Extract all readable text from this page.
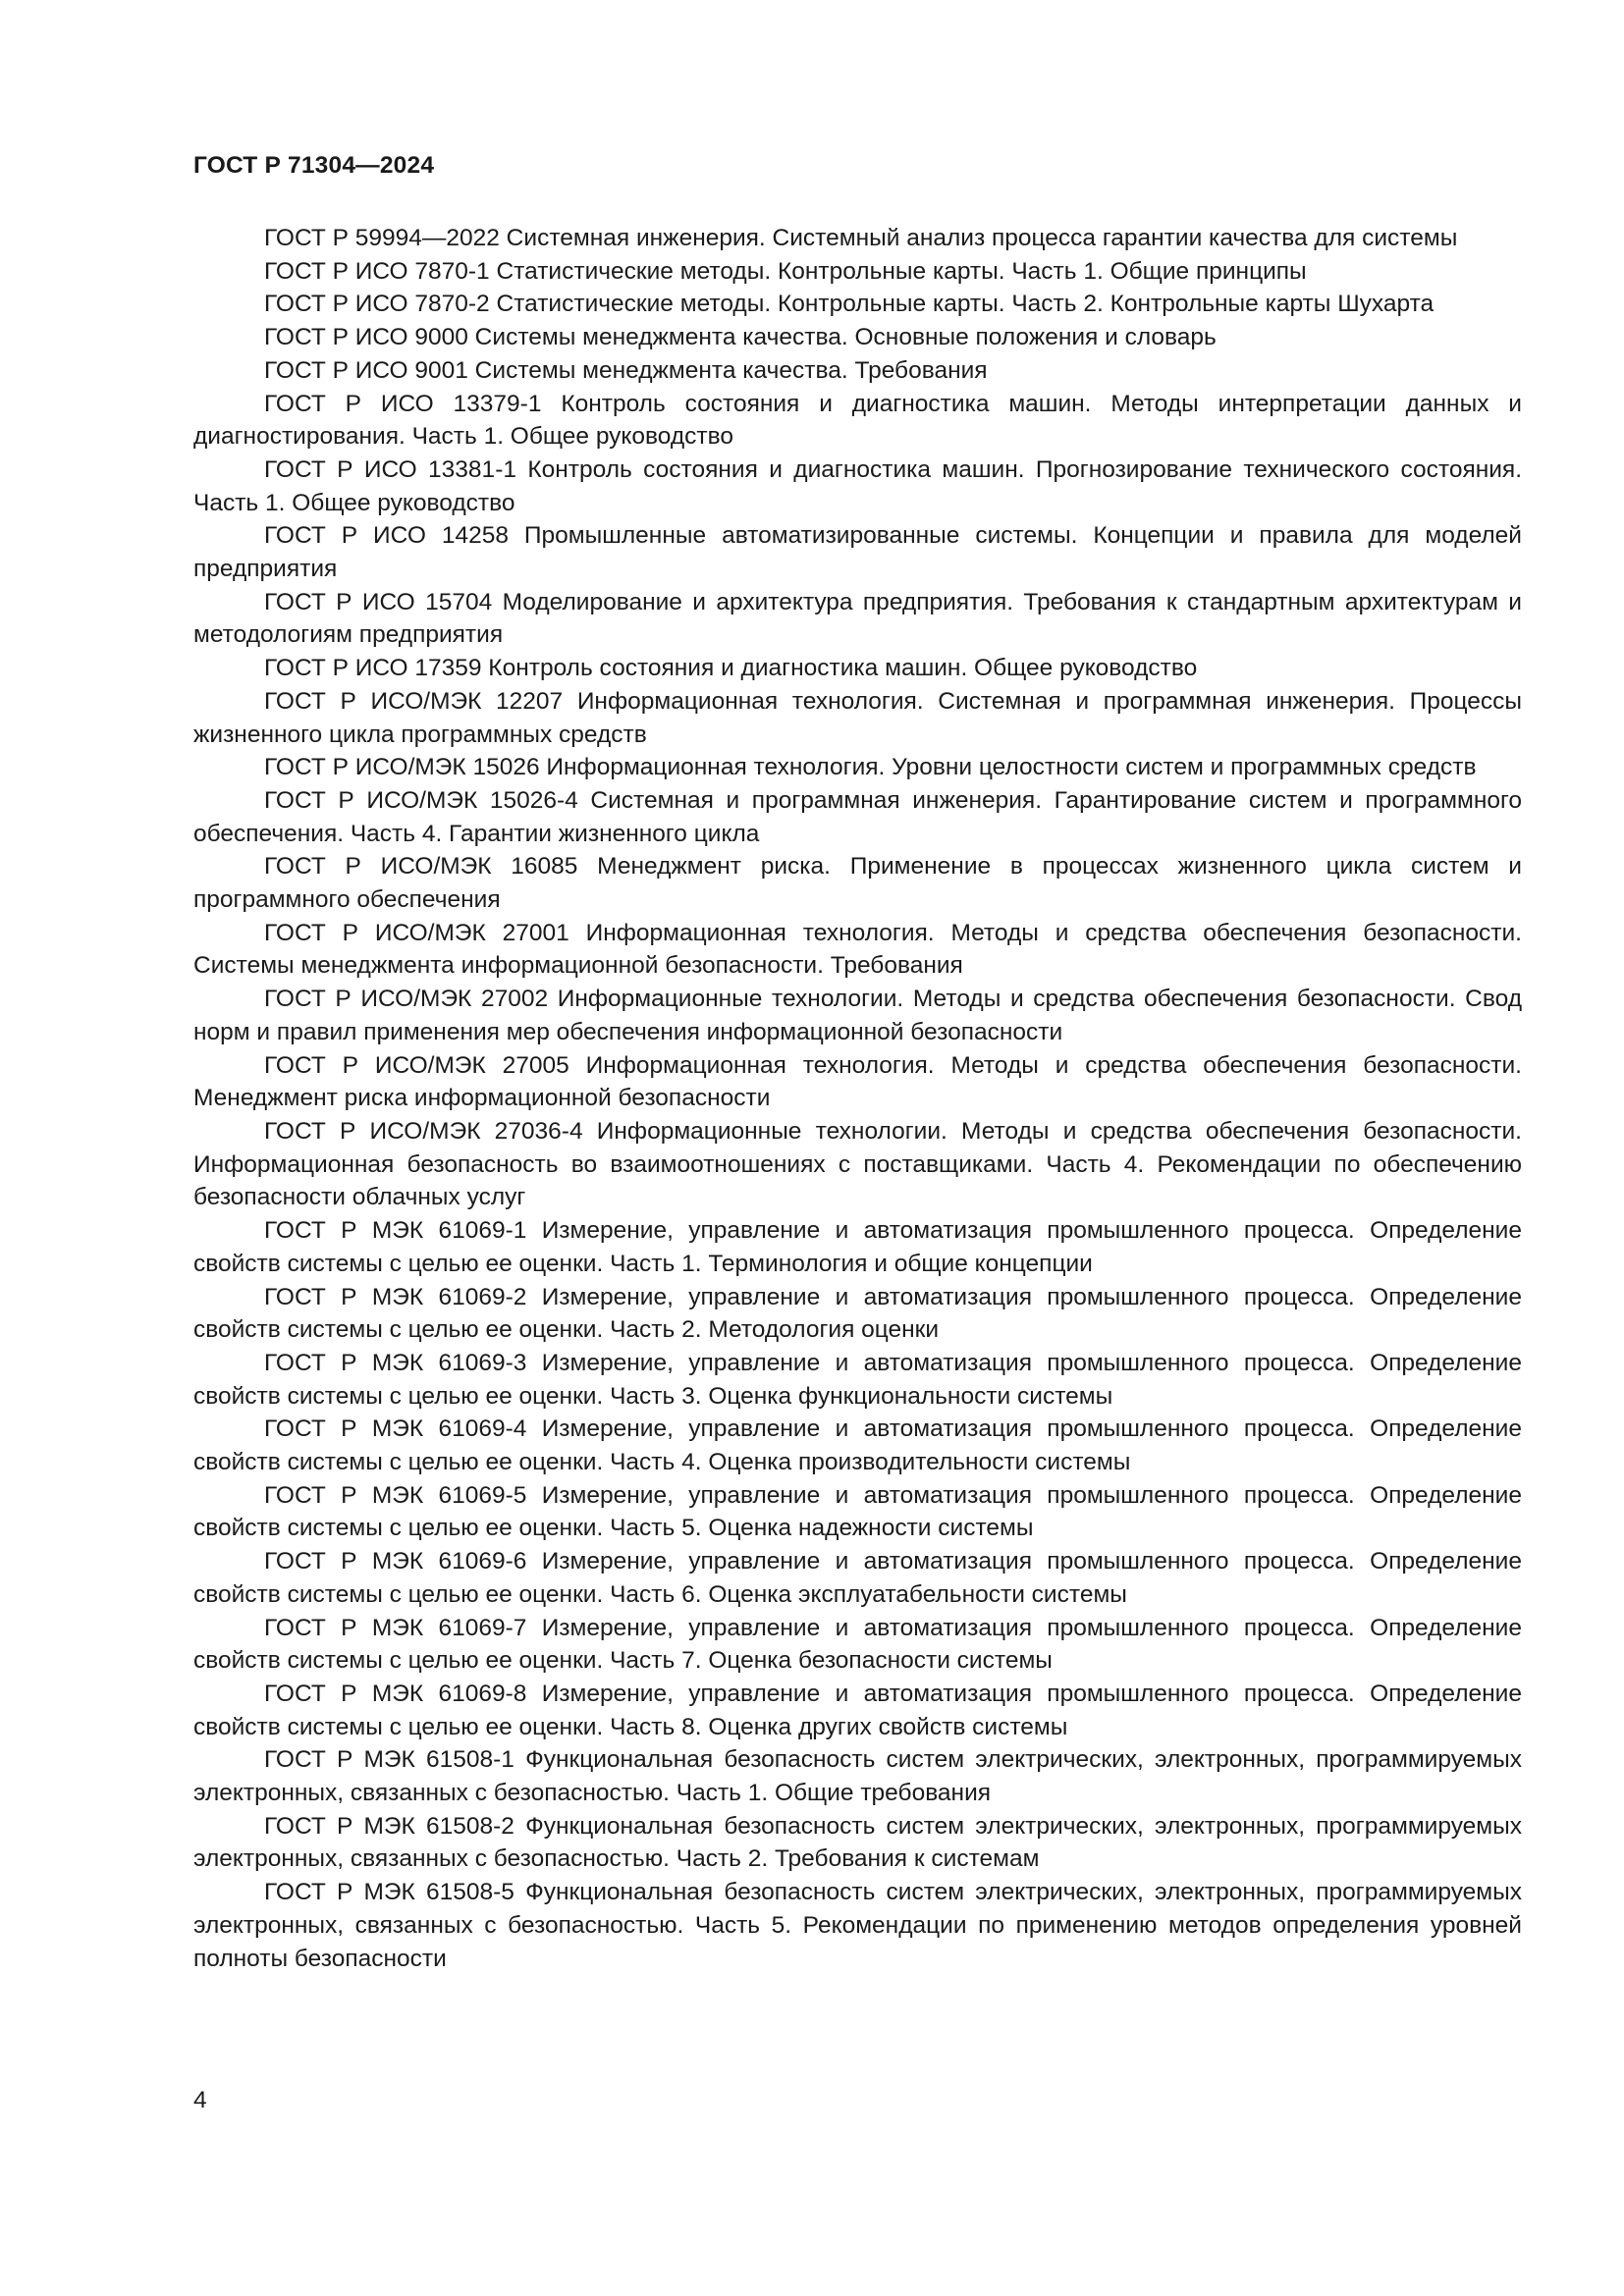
ГОСТ Р 71304—2024

ГОСТ Р 59994—2022 Системная инженерия. Системный анализ процесса гарантии качества для системы

ГОСТ Р ИСО 7870-1 Статистические методы. Контрольные карты. Часть 1. Общие принципы

ГОСТ Р ИСО 7870-2 Статистические методы. Контрольные карты. Часть 2. Контрольные карты Шухарта

ГОСТ Р ИСО 9000 Системы менеджмента качества. Основные положения и словарь

ГОСТ Р ИСО 9001 Системы менеджмента качества. Требования

ГОСТ Р ИСО 13379-1 Контроль состояния и диагностика машин. Методы интерпретации данных и диагностирования. Часть 1. Общее руководство

ГОСТ Р ИСО 13381-1 Контроль состояния и диагностика машин. Прогнозирование технического состояния. Часть 1. Общее руководство

ГОСТ Р ИСО 14258 Промышленные автоматизированные системы. Концепции и правила для моделей предприятия

ГОСТ Р ИСО 15704 Моделирование и архитектура предприятия. Требования к стандартным архитектурам и методологиям предприятия

ГОСТ Р ИСО 17359 Контроль состояния и диагностика машин. Общее руководство

ГОСТ Р ИСО/МЭК 12207 Информационная технология. Системная и программная инженерия. Процессы жизненного цикла программных средств

ГОСТ Р ИСО/МЭК 15026 Информационная технология. Уровни целостности систем и программных средств

ГОСТ Р ИСО/МЭК 15026-4 Системная и программная инженерия. Гарантирование систем и программного обеспечения. Часть 4. Гарантии жизненного цикла

ГОСТ Р ИСО/МЭК 16085 Менеджмент риска. Применение в процессах жизненного цикла систем и программного обеспечения

ГОСТ Р ИСО/МЭК 27001 Информационная технология. Методы и средства обеспечения безопасности. Системы менеджмента информационной безопасности. Требования

ГОСТ Р ИСО/МЭК 27002 Информационные технологии. Методы и средства обеспечения безопасности. Свод норм и правил применения мер обеспечения информационной безопасности

ГОСТ Р ИСО/МЭК 27005 Информационная технология. Методы и средства обеспечения безопасности. Менеджмент риска информационной безопасности

ГОСТ Р ИСО/МЭК 27036-4 Информационные технологии. Методы и средства обеспечения безопасности. Информационная безопасность во взаимоотношениях с поставщиками. Часть 4. Рекомендации по обеспечению безопасности облачных услуг

ГОСТ Р МЭК 61069-1 Измерение, управление и автоматизация промышленного процесса. Определение свойств системы с целью ее оценки. Часть 1. Терминология и общие концепции

ГОСТ Р МЭК 61069-2 Измерение, управление и автоматизация промышленного процесса. Определение свойств системы с целью ее оценки. Часть 2. Методология оценки

ГОСТ Р МЭК 61069-3 Измерение, управление и автоматизация промышленного процесса. Определение свойств системы с целью ее оценки. Часть 3. Оценка функциональности системы

ГОСТ Р МЭК 61069-4 Измерение, управление и автоматизация промышленного процесса. Определение свойств системы с целью ее оценки. Часть 4. Оценка производительности системы

ГОСТ Р МЭК 61069-5 Измерение, управление и автоматизация промышленного процесса. Определение свойств системы с целью ее оценки. Часть 5. Оценка надежности системы

ГОСТ Р МЭК 61069-6 Измерение, управление и автоматизация промышленного процесса. Определение свойств системы с целью ее оценки. Часть 6. Оценка эксплуатабельности системы

ГОСТ Р МЭК 61069-7 Измерение, управление и автоматизация промышленного процесса. Определение свойств системы с целью ее оценки. Часть 7. Оценка безопасности системы

ГОСТ Р МЭК 61069-8 Измерение, управление и автоматизация промышленного процесса. Определение свойств системы с целью ее оценки. Часть 8. Оценка других свойств системы

ГОСТ Р МЭК 61508-1 Функциональная безопасность систем электрических, электронных, программируемых электронных, связанных с безопасностью. Часть 1. Общие требования

ГОСТ Р МЭК 61508-2 Функциональная безопасность систем электрических, электронных, программируемых электронных, связанных с безопасностью. Часть 2. Требования к системам

ГОСТ Р МЭК 61508-5 Функциональная безопасность систем электрических, электронных, программируемых электронных, связанных с безопасностью. Часть 5. Рекомендации по применению методов определения уровней полноты безопасности

4
